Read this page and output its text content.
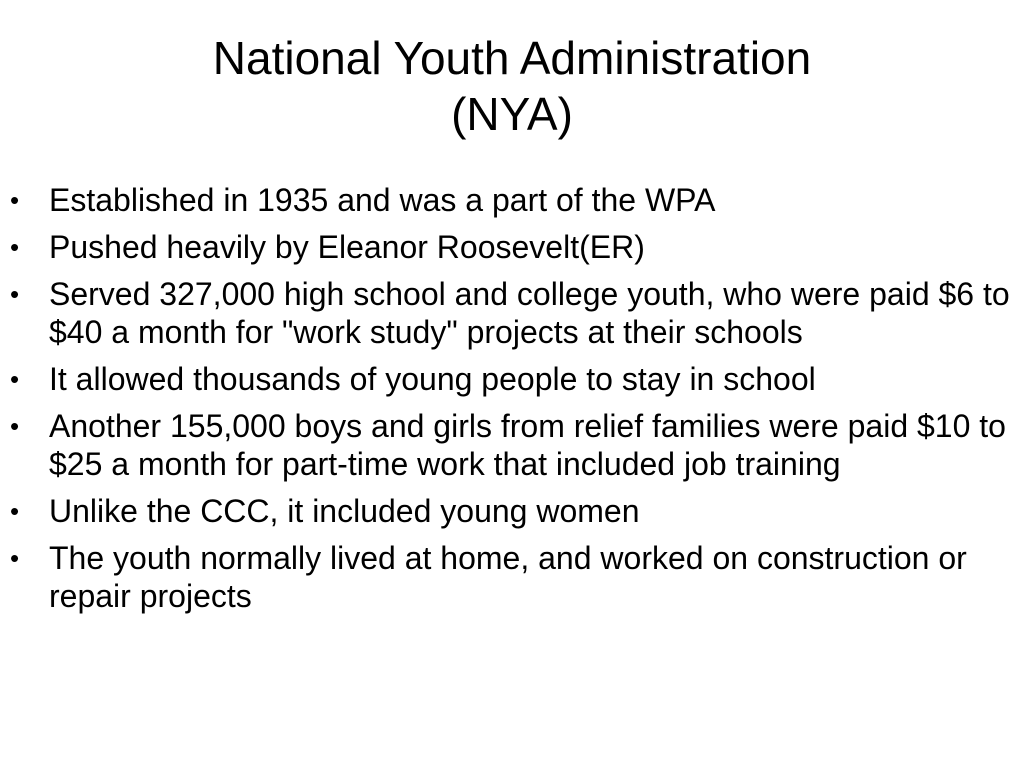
National Youth Administration
(NYA)
• Established in 1935 and was a part of the WPA
• Pushed heavily by Eleanor Roosevelt(ER)
• Served 327,000 high school and college youth, who were paid $6 to $40 a month for "work study" projects at their schools
• It allowed thousands of young people to stay in school
• Another 155,000 boys and girls from relief families were paid $10 to $25 a month for part-time work that included job training
• Unlike the CCC, it included young women
• The youth normally lived at home, and worked on construction or repair projects
